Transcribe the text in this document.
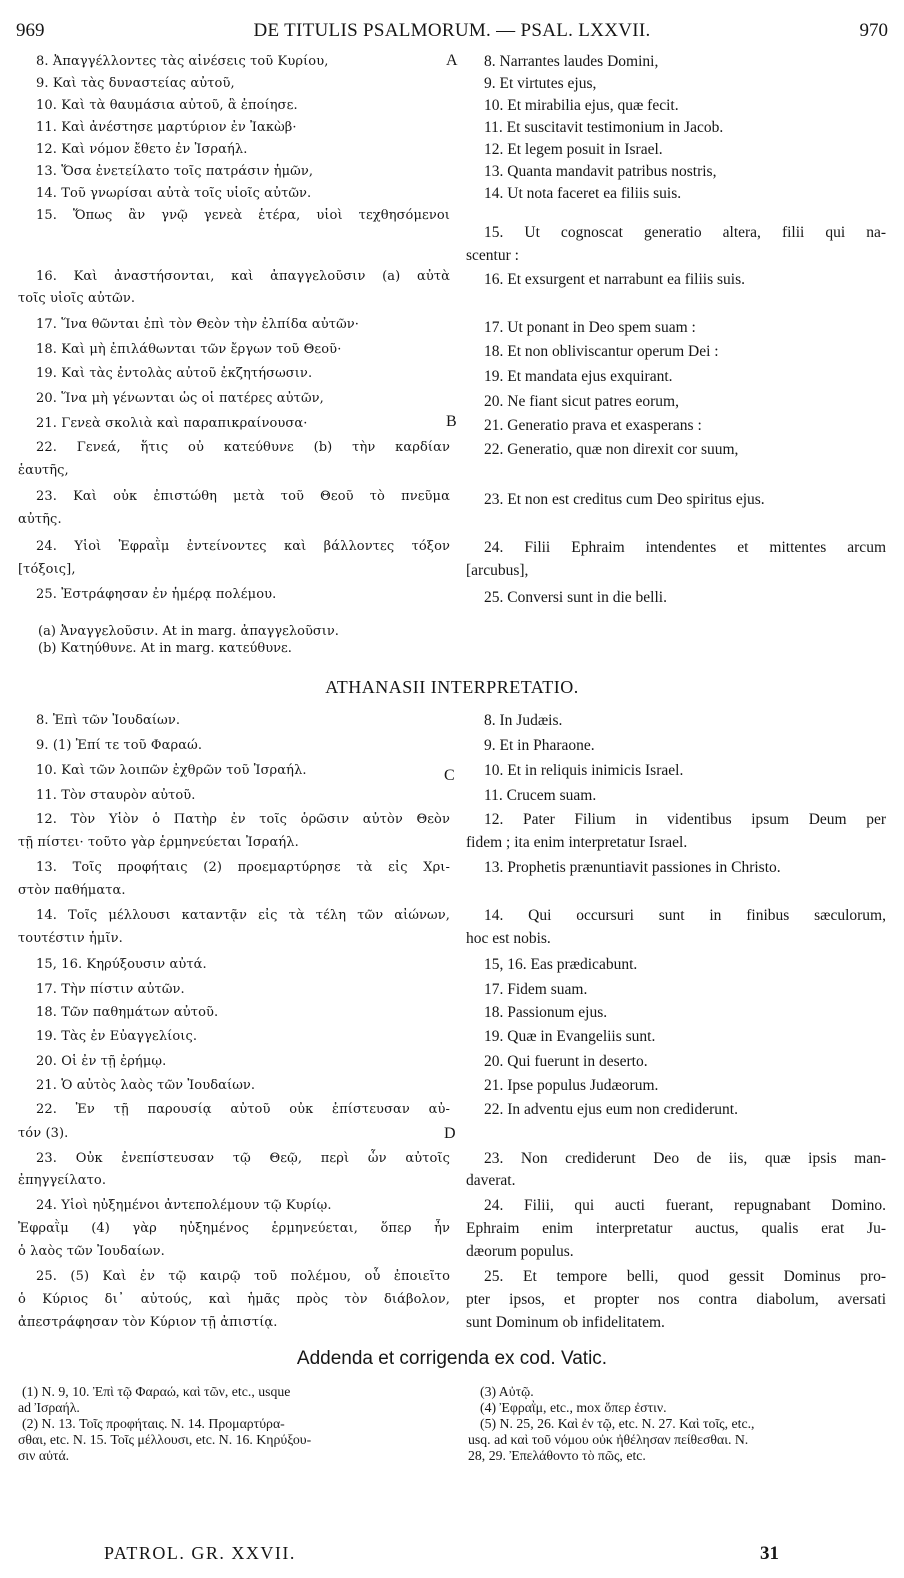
969	DE TITULIS PSALMORUM. — PSAL. LXXVII.	970
8. Ἀπαγγέλλοντες τὰς αἰνέσεις τοῦ Κυρίου,
9. Καὶ τὰς δυναστείας αὐτοῦ,
10. Καὶ τὰ θαυμάσια αὐτοῦ, ἃ ἐποίησε.
11. Καὶ ἀνέστησε μαρτύριον ἐν Ἰακὼβ·
12. Καὶ νόμον ἔθετο ἐν Ἰσραήλ.
13. Ὅσα ἐνετείλατο τοῖς πατράσιν ἡμῶν,
14. Τοῦ γνωρίσαι αὐτὰ τοῖς υἱοῖς αὐτῶν.
15. Ὅπως ἂν γνῷ γενεὰ ἑτέρα, υἱοὶ τεχθησόμενοι
16. Καὶ ἀναστήσονται, καὶ ἀπαγγελοῦσιν (a) αὐτὰ
τοῖς υἱοῖς αὐτῶν.
17. Ἵνα θῶνται ἐπὶ τὸν Θεὸν τὴν ἐλπίδα αὐτῶν·
18. Καὶ μὴ ἐπιλάθωνται τῶν ἔργων τοῦ Θεοῦ·
19. Καὶ τὰς ἐντολὰς αὐτοῦ ἐκζητήσωσιν.
20. Ἵνα μὴ γένωνται ὡς οἱ πατέρες αὐτῶν,
21. Γενεὰ σκολιὰ καὶ παραπικραίνουσα·
22. Γενεά, ἥτις οὐ κατεύθυνε (b) τὴν καρδίαν
ἑαυτῆς,
23. Καὶ οὐκ ἐπιστώθη μετὰ τοῦ Θεοῦ τὸ πνεῦμα
αὐτῆς.
24. Υἱοὶ Ἐφραῒμ ἐντείνοντες καὶ βάλλοντες τόξον
[τόξοις],
25. Ἐστράφησαν ἐν ἡμέρᾳ πολέμου.
8. Narrantes laudes Domini,
9. Et virtutes ejus,
10. Et mirabilia ejus, quæ fecit.
11. Et suscitavit testimonium in Jacob.
12. Et legem posuit in Israel.
13. Quanta mandavit patribus nostris,
14. Ut nota faceret ea filiis suis.
15. Ut cognoscat generatio altera, filii qui na-
scentur :
16. Et exsurgent et narrabunt ea filiis suis.
17. Ut ponant in Deo spem suam :
18. Et non obliviscantur operum Dei :
19. Et mandata ejus exquirant.
20. Ne fiant sicut patres eorum,
21. Generatio prava et exasperans :
22. Generatio, quæ non direxit cor suum,
23. Et non est creditus cum Deo spiritus ejus.
24. Filii Ephraim intendentes et mittentes arcum
[arcubus],
25. Conversi sunt in die belli.
8. Ἐπὶ τῶν Ἰουδαίων.
9. (1) Ἐπί τε τοῦ Φαραώ.
10. Καὶ τῶν λοιπῶν ἐχθρῶν τοῦ Ἰσραήλ.
11. Τὸν σταυρὸν αὐτοῦ.
12. Τὸν Υἱὸν ὁ Πατὴρ ἐν τοῖς ὁρῶσιν αὐτὸν Θεὸν
τῇ πίστει· τοῦτο γὰρ ἑρμηνεύεται Ἰσραήλ.
13. Τοῖς προφήταις (2) προεμαρτύρησε τὰ εἰς Χρι-
στὸν παθήματα.
14. Τοῖς μέλλουσι καταντᾷν εἰς τὰ τέλη τῶν αἰώνων,
τουτέστιν ἡμῖν.
15, 16. Κηρύξουσιν αὐτά.
17. Τὴν πίστιν αὐτῶν.
18. Τῶν παθημάτων αὐτοῦ.
19. Τὰς ἐν Εὐαγγελίοις.
20. Οἱ ἐν τῇ ἐρήμῳ.
21. Ὁ αὐτὸς λαὸς τῶν Ἰουδαίων.
22. Ἐν τῇ παρουσίᾳ αὐτοῦ οὐκ ἐπίστευσαν αὐ-
τόν (3).
23. Οὐκ ἐνεπίστευσαν τῷ Θεῷ, περὶ ὧν αὐτοῖς
ἐπηγγείλατο.
24. Υἱοὶ ηὐξημένοι ἀντεπολέμουν τῷ Κυρίῳ.
Ἐφραῒμ (4) γὰρ ηὐξημένος ἑρμηνεύεται, ὅπερ ἦν
ὁ λαὸς τῶν Ἰουδαίων.
25. (5) Καὶ ἐν τῷ καιρῷ τοῦ πολέμου, οὗ ἐποιεῖτο
ὁ Κύριος δι᾽ αὐτούς, καὶ ἡμᾶς πρὸς τὸν διάβολον,
ἀπεστράφησαν τὸν Κύριον τῇ ἀπιστίᾳ.
8. In Judæis.
9. Et in Pharaone.
10. Et in reliquis inimicis Israel.
11. Crucem suam.
12. Pater Filium in videntibus ipsum Deum per
fidem ; ita enim interpretatur Israel.
13. Prophetis prænuntiavit passiones in Christo.
14. Qui occursuri sunt in finibus sæculorum,
hoc est nobis.
15, 16. Eas prædicabunt.
17. Fidem suam.
18. Passionum ejus.
19. Quæ in Evangeliis sunt.
20. Qui fuerunt in deserto.
21. Ipse populus Judæorum.
22. In adventu ejus eum non crediderunt.
23. Non crediderunt Deo de iis, quæ ipsis man-
daverat.
24. Filii, qui aucti fuerant, repugnabant Domino.
Ephraim enim interpretatur auctus, qualis erat Ju-
dæorum populus.
25. Et tempore belli, quod gessit Dominus pro-
pter ipsos, et propter nos contra diabolum, aversati
sunt Dominum ob infidelitatem.
A
B
C
D
(a) Ἀναγγελοῦσιν. At in marg. ἀπαγγελοῦσιν.
(b) Κατηύθυνε. At in marg. κατεύθυνε.
ATHANASII INTERPRETATIO.
Addenda et corrigenda ex cod. Vatic.
(1) N. 9, 10. Ἐπὶ τῷ Φαραώ, καὶ τῶν, etc., usque
ad Ἰσραήλ.
(2) N. 13. Τοῖς προφήταις. N. 14. Προμαρτύρα-
σθαι, etc. N. 15. Τοῖς μέλλουσι, etc. N. 16. Κηρύξου-
σιν αὐτά.
(3) Αὐτῷ.
(4) Ἐφραῒμ, etc., mox ὅπερ ἐστιν.
(5) N. 25, 26. Καὶ ἐν τῷ, etc. N. 27. Καὶ τοῖς, etc.,
usq. ad καὶ τοῦ νόμου οὐκ ἠθέλησαν πείθεσθαι. N.
28, 29. Ἐπελάθοντο τὸ πῶς, etc.
PATROL. GR. XXVII.	31
